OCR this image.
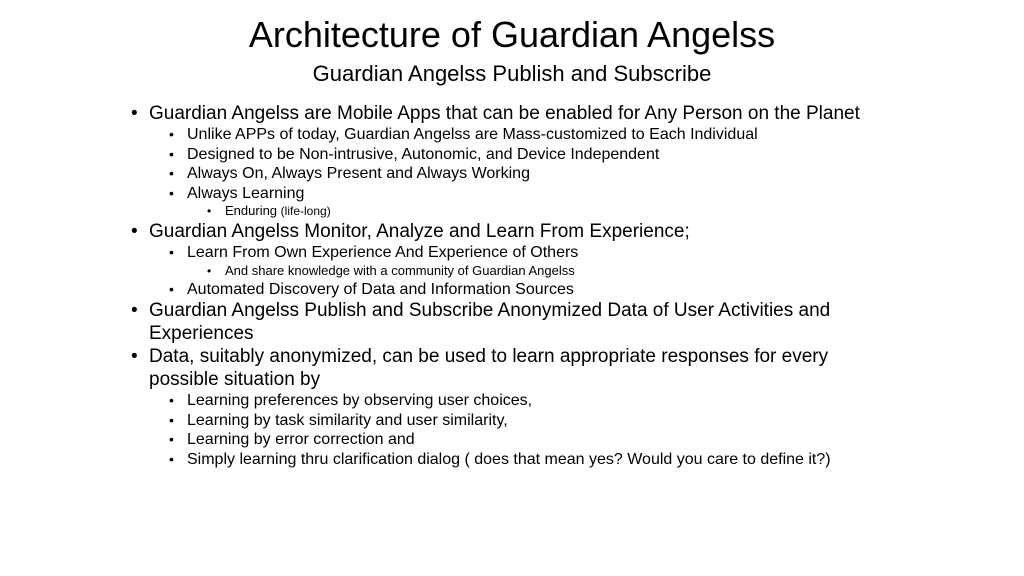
Architecture of Guardian Angelss
Guardian Angelss Publish and Subscribe
• Guardian Angelss are Mobile Apps that can be enabled for Any Person on the Planet
• Unlike APPs of today, Guardian Angelss are Mass-customized to Each Individual
• Designed to be Non-intrusive, Autonomic, and Device Independent
• Always On, Always Present and Always Working
• Always Learning
• Enduring (life-long)
• Guardian Angelss Monitor, Analyze and Learn From Experience;
• Learn From Own Experience And Experience of Others
• And share knowledge with a community of Guardian Angelss
• Automated Discovery of Data and Information Sources
• Guardian Angelss Publish and Subscribe Anonymized Data of User Activities and Experiences
• Data, suitably anonymized, can be used to learn appropriate responses for every possible situation by
• Learning preferences by observing user choices,
• Learning by task similarity and user similarity,
• Learning by error correction and
• Simply learning thru clarification dialog ( does that mean yes? Would you care to define it?)
